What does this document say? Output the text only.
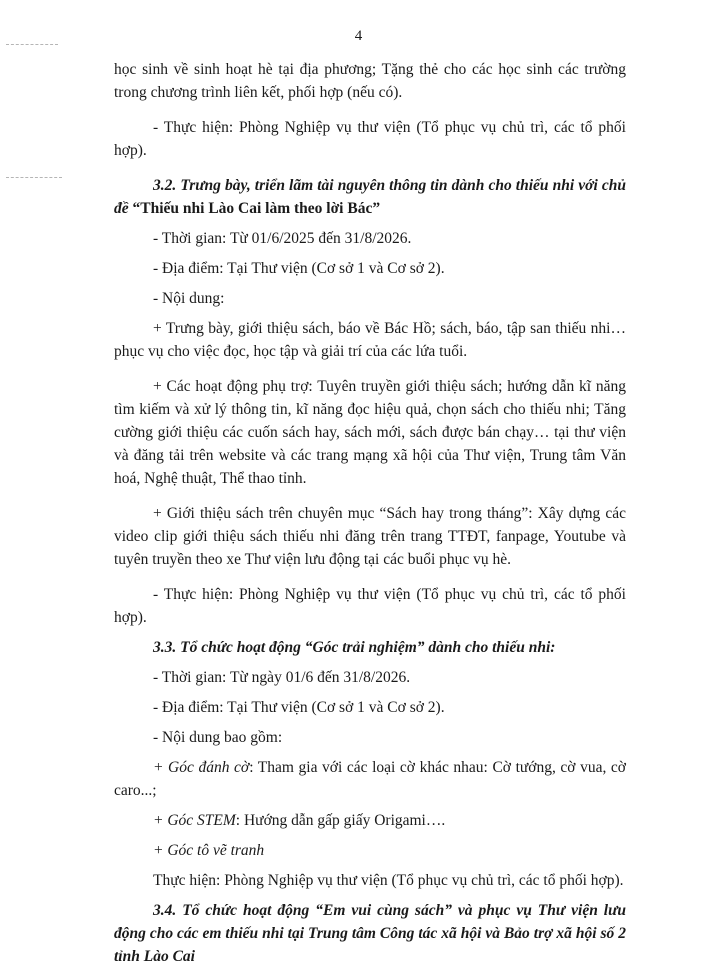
4

học sinh về sinh hoạt hè tại địa phương; Tặng thẻ cho các học sinh các trường trong chương trình liên kết, phối hợp (nếu có).

- Thực hiện: Phòng Nghiệp vụ thư viện (Tổ phục vụ chủ trì, các tổ phối hợp).

3.2. Trưng bày, triển lãm tài nguyên thông tin dành cho thiếu nhi với chủ đề “Thiếu nhi Lào Cai làm theo lời Bác”

- Thời gian: Từ 01/6/2025 đến 31/8/2026.

- Địa điểm: Tại Thư viện (Cơ sở 1 và Cơ sở 2).

- Nội dung:

+ Trưng bày, giới thiệu sách, báo về Bác Hồ; sách, báo, tập san thiếu nhi…phục vụ cho việc đọc, học tập và giải trí của các lứa tuổi.

+ Các hoạt động phụ trợ: Tuyên truyền giới thiệu sách; hướng dẫn kĩ năng tìm kiếm và xử lý thông tin, kĩ năng đọc hiệu quả, chọn sách cho thiếu nhi; Tăng cường giới thiệu các cuốn sách hay, sách mới, sách được bán chạy… tại thư viện và đăng tải trên website và các trang mạng xã hội của Thư viện, Trung tâm Văn hoá, Nghệ thuật, Thể thao tỉnh.

+ Giới thiệu sách trên chuyên mục “Sách hay trong tháng”: Xây dựng các video clip giới thiệu sách thiếu nhi đăng trên trang TTĐT, fanpage, Youtube và tuyên truyền theo xe Thư viện lưu động tại các buổi phục vụ hè.

- Thực hiện: Phòng Nghiệp vụ thư viện (Tổ phục vụ chủ trì, các tổ phối hợp).

3.3. Tổ chức hoạt động “Góc trải nghiệm” dành cho thiếu nhi:

- Thời gian: Từ ngày 01/6 đến 31/8/2026.

- Địa điểm: Tại Thư viện (Cơ sở 1 và Cơ sở 2).

- Nội dung bao gồm:

+ Góc đánh cờ: Tham gia với các loại cờ khác nhau: Cờ tướng, cờ vua, cờ caro...;

+ Góc STEM: Hướng dẫn gấp giấy Origami….

+ Góc tô vẽ tranh

Thực hiện: Phòng Nghiệp vụ thư viện (Tổ phục vụ chủ trì, các tổ phối hợp).

3.4. Tổ chức hoạt động “Em vui cùng sách” và phục vụ Thư viện lưu động cho các em thiếu nhi tại Trung tâm Công tác xã hội và Bảo trợ xã hội số 2 tỉnh Lào Cai
